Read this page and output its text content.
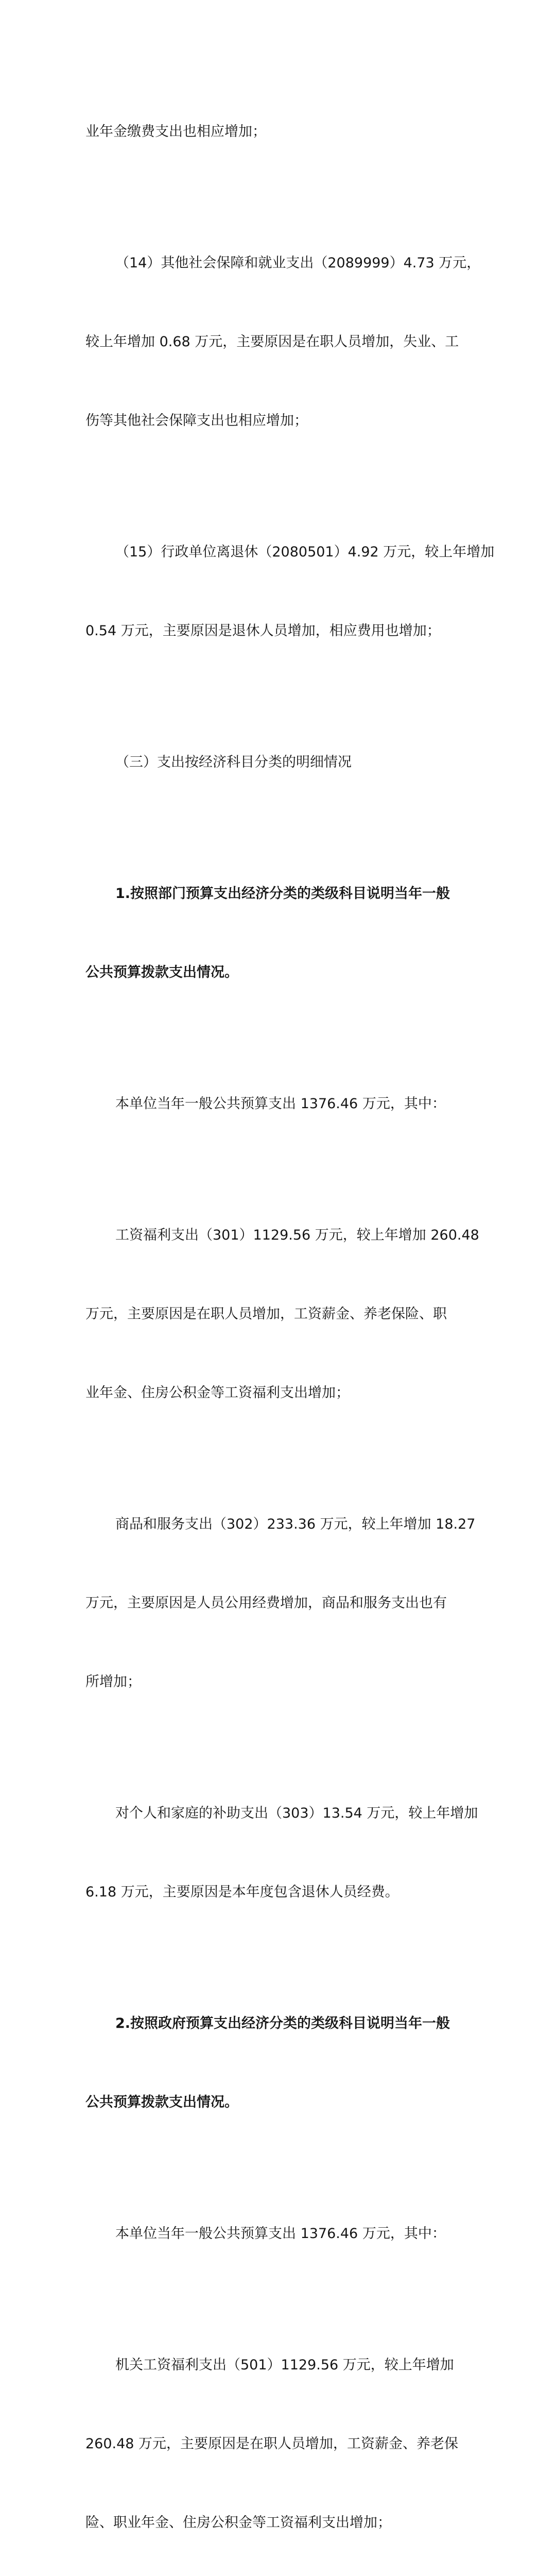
业年金缴费支出也相应增加；

（14）其他社会保障和就业支出（2089999）4.73 万元，

较上年增加 0.68 万元，主要原因是在职人员增加，失业、工

伤等其他社会保障支出也相应增加；

（15）行政单位离退休（2080501）4.92 万元，较上年增加

0.54 万元，主要原因是退休人员增加，相应费用也增加；

（三）支出按经济科目分类的明细情况

1.按照部门预算支出经济分类的类级科目说明当年一般

公共预算拨款支出情况。

本单位当年一般公共预算支出 1376.46 万元，其中：

工资福利支出（301）1129.56 万元，较上年增加 260.48

万元，主要原因是在职人员增加，工资薪金、养老保险、职

业年金、住房公积金等工资福利支出增加；

商品和服务支出（302）233.36 万元，较上年增加 18.27

万元，主要原因是人员公用经费增加，商品和服务支出也有

所增加；

对个人和家庭的补助支出（303）13.54 万元，较上年增加

6.18 万元，主要原因是本年度包含退休人员经费。

2.按照政府预算支出经济分类的类级科目说明当年一般

公共预算拨款支出情况。

本单位当年一般公共预算支出 1376.46 万元，其中：

机关工资福利支出（501）1129.56 万元，较上年增加

260.48 万元，主要原因是在职人员增加，工资薪金、养老保

险、职业年金、住房公积金等工资福利支出增加；
